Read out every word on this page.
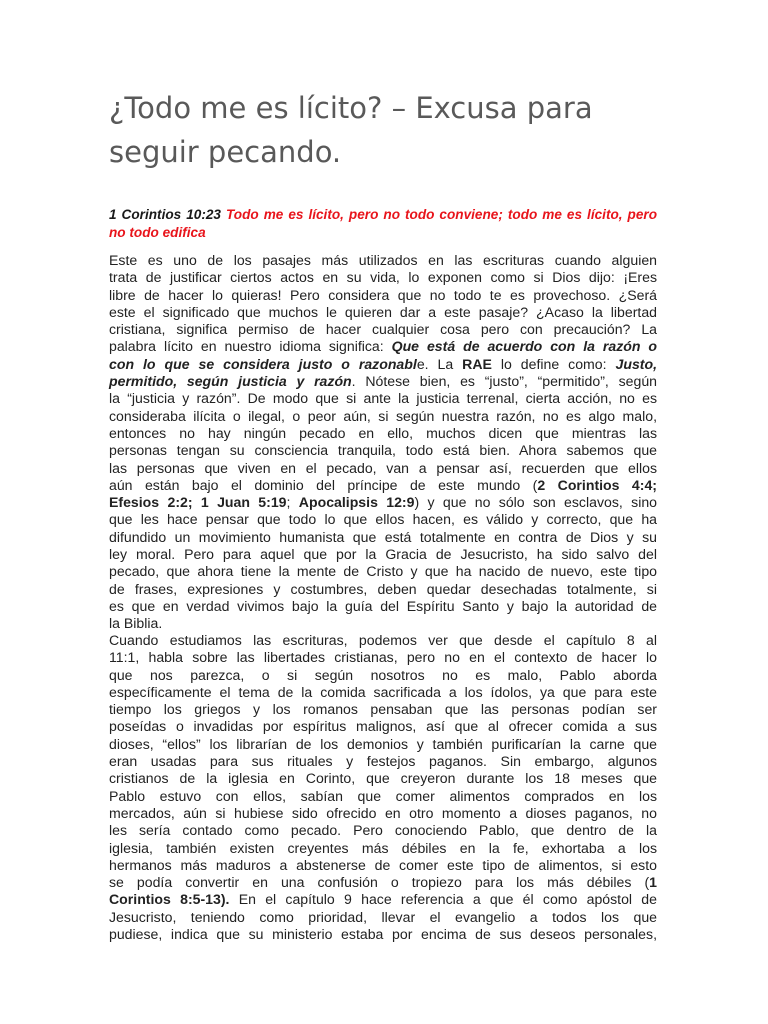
¿Todo me es lícito? – Excusa para seguir pecando.

1 Corintios 10:23 Todo me es lícito, pero no todo conviene; todo me es lícito, pero no todo edifica

Este es uno de los pasajes más utilizados en las escrituras cuando alguien
trata de justificar ciertos actos en su vida, lo exponen como si Dios dijo: ¡Eres
libre de hacer lo quieras! Pero considera que no todo te es provechoso. ¿Será
este el significado que muchos le quieren dar a este pasaje? ¿Acaso la libertad
cristiana, significa permiso de hacer cualquier cosa pero con precaución? La
palabra lícito en nuestro idioma significa: Que está de acuerdo con la razón o
con lo que se considera justo o razonable. La RAE lo define como: Justo,
permitido, según justicia y razón. Nótese bien, es “justo”, “permitido”, según
la “justicia y razón”. De modo que si ante la justicia terrenal, cierta acción, no es
consideraba ilícita o ilegal, o peor aún, si según nuestra razón, no es algo malo,
entonces no hay ningún pecado en ello, muchos dicen que mientras las
personas tengan su consciencia tranquila, todo está bien. Ahora sabemos que
las personas que viven en el pecado, van a pensar así, recuerden que ellos
aún están bajo el dominio del príncipe de este mundo (2 Corintios 4:4;
Efesios 2:2; 1 Juan 5:19; Apocalipsis 12:9) y que no sólo son esclavos, sino
que les hace pensar que todo lo que ellos hacen, es válido y correcto, que ha
difundido un movimiento humanista que está totalmente en contra de Dios y su
ley moral. Pero para aquel que por la Gracia de Jesucristo, ha sido salvo del
pecado, que ahora tiene la mente de Cristo y que ha nacido de nuevo, este tipo
de frases, expresiones y costumbres, deben quedar desechadas totalmente, si
es que en verdad vivimos bajo la guía del Espíritu Santo y bajo la autoridad de
la Biblia.
Cuando estudiamos las escrituras, podemos ver que desde el capítulo 8 al
11:1, habla sobre las libertades cristianas, pero no en el contexto de hacer lo
que nos parezca, o si según nosotros no es malo, Pablo aborda
específicamente el tema de la comida sacrificada a los ídolos, ya que para este
tiempo los griegos y los romanos pensaban que las personas podían ser
poseídas o invadidas por espíritus malignos, así que al ofrecer comida a sus
dioses, “ellos” los librarían de los demonios y también purificarían la carne que
eran usadas para sus rituales y festejos paganos. Sin embargo, algunos
cristianos de la iglesia en Corinto, que creyeron durante los 18 meses que
Pablo estuvo con ellos, sabían que comer alimentos comprados en los
mercados, aún si hubiese sido ofrecido en otro momento a dioses paganos, no
les sería contado como pecado. Pero conociendo Pablo, que dentro de la
iglesia, también existen creyentes más débiles en la fe, exhortaba a los
hermanos más maduros a abstenerse de comer este tipo de alimentos, si esto
se podía convertir en una confusión o tropiezo para los más débiles (1
Corintios 8:5-13). En el capítulo 9 hace referencia a que él como apóstol de
Jesucristo, teniendo como prioridad, llevar el evangelio a todos los que
pudiese, indica que su ministerio estaba por encima de sus deseos personales,
